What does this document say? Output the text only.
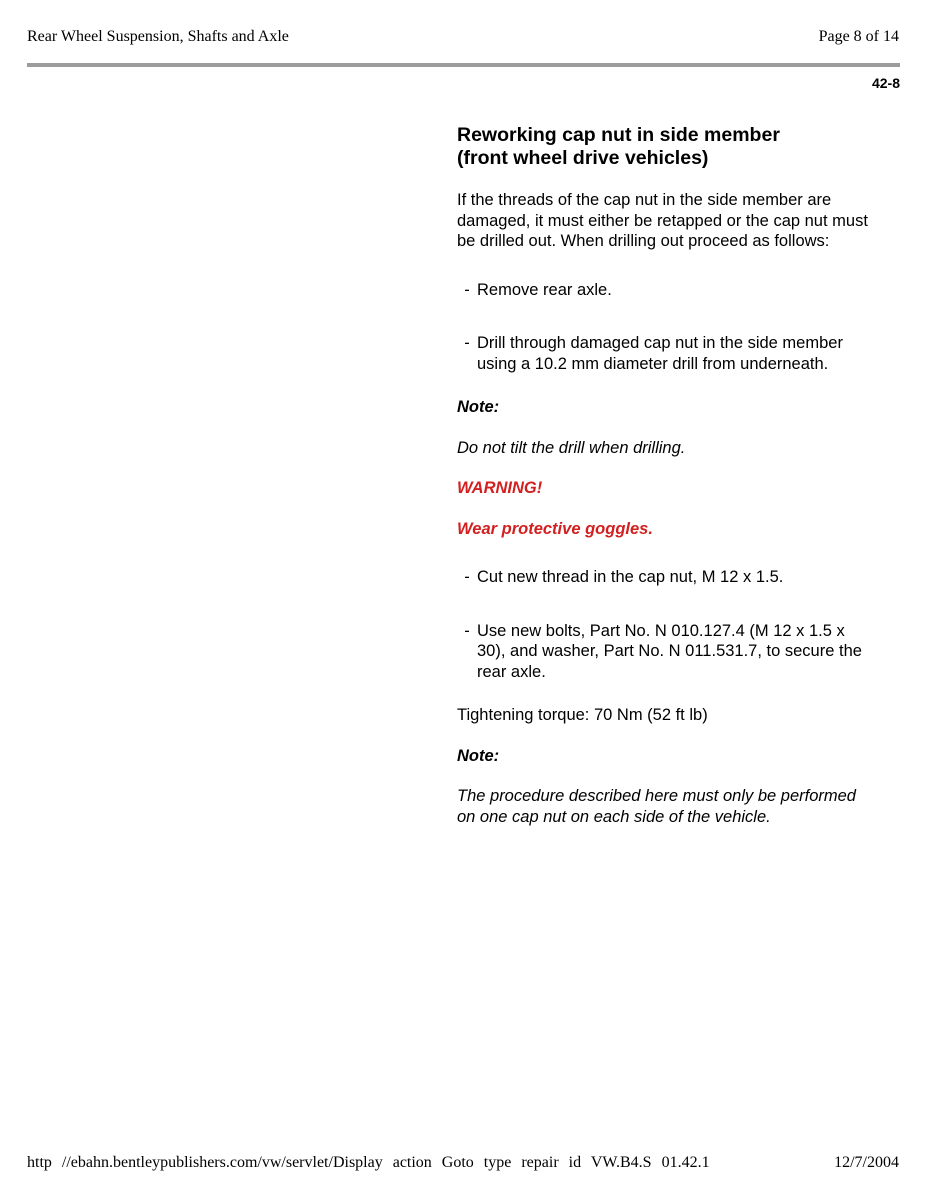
Rear Wheel Suspension, Shafts and Axle	Page 8 of 14
42-8
Reworking cap nut in side member
(front wheel drive vehicles)

If the threads of the cap nut in the side member are damaged, it must either be retapped or the cap nut must be drilled out. When drilling out proceed as follows:

- Remove rear axle.
- Drill through damaged cap nut in the side member using a 10.2 mm diameter drill from underneath.

Note:

Do not tilt the drill when drilling.

WARNING!

Wear protective goggles.

- Cut new thread in the cap nut, M 12 x 1.5.
- Use new bolts, Part No. N 010.127.4 (M 12 x 1.5 x 30), and washer, Part No. N 011.531.7, to secure the rear axle.

Tightening torque: 70 Nm (52 ft lb)

Note:

The procedure described here must only be performed on one cap nut on each side of the vehicle.

http //ebahn.bentleypublishers.com/vw/servlet/Display action Goto type repair id VW.B4.S 01.42.1	12/7/2004
